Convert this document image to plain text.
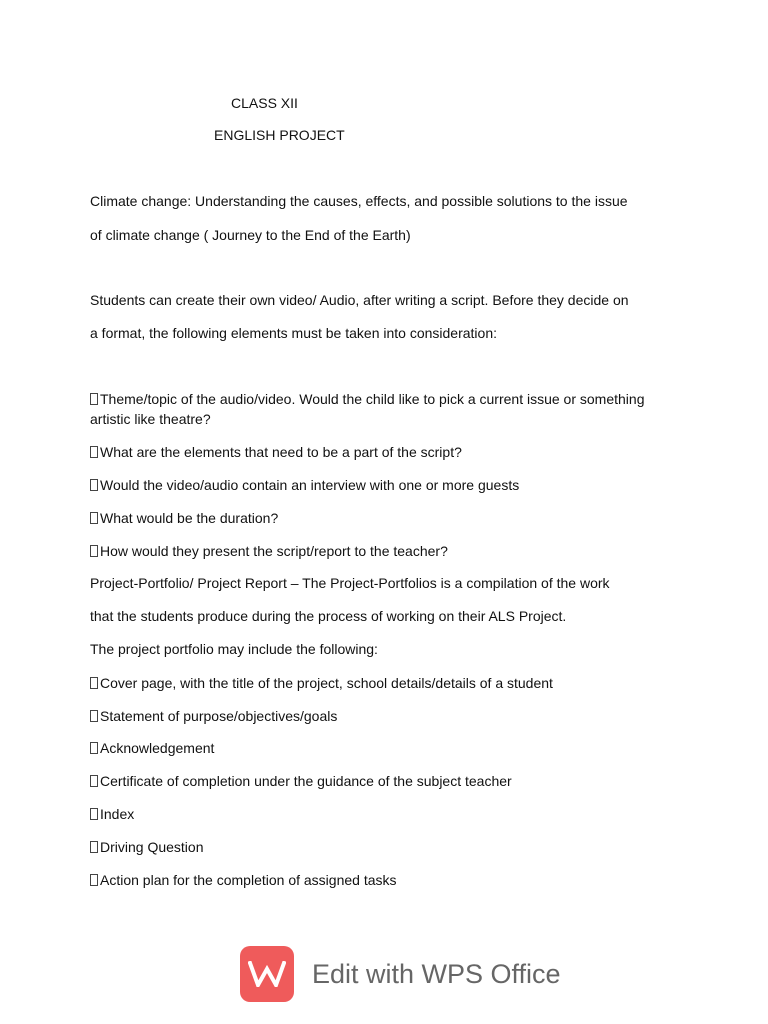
CLASS XII
ENGLISH PROJECT
Climate change: Understanding the causes, effects, and possible solutions to the issue
of climate change ( Journey to the End of the Earth)
Students can create their own video/ Audio, after writing a script. Before they decide on
a format, the following elements must be taken into consideration:
Theme/topic of the audio/video. Would the child like to pick a current issue or something
artistic like theatre?
What are the elements that need to be a part of the script?
Would the video/audio contain an interview with one or more guests
What would be the duration?
How would they present the script/report to the teacher?
Project-Portfolio/ Project Report – The Project-Portfolios is a compilation of the work
that the students produce during the process of working on their ALS Project.
The project portfolio may include the following:
Cover page, with the title of the project, school details/details of a student
Statement of purpose/objectives/goals
Acknowledgement
Certificate of completion under the guidance of the subject teacher
Index
Driving Question
Action plan for the completion of assigned tasks
Edit with WPS Office
